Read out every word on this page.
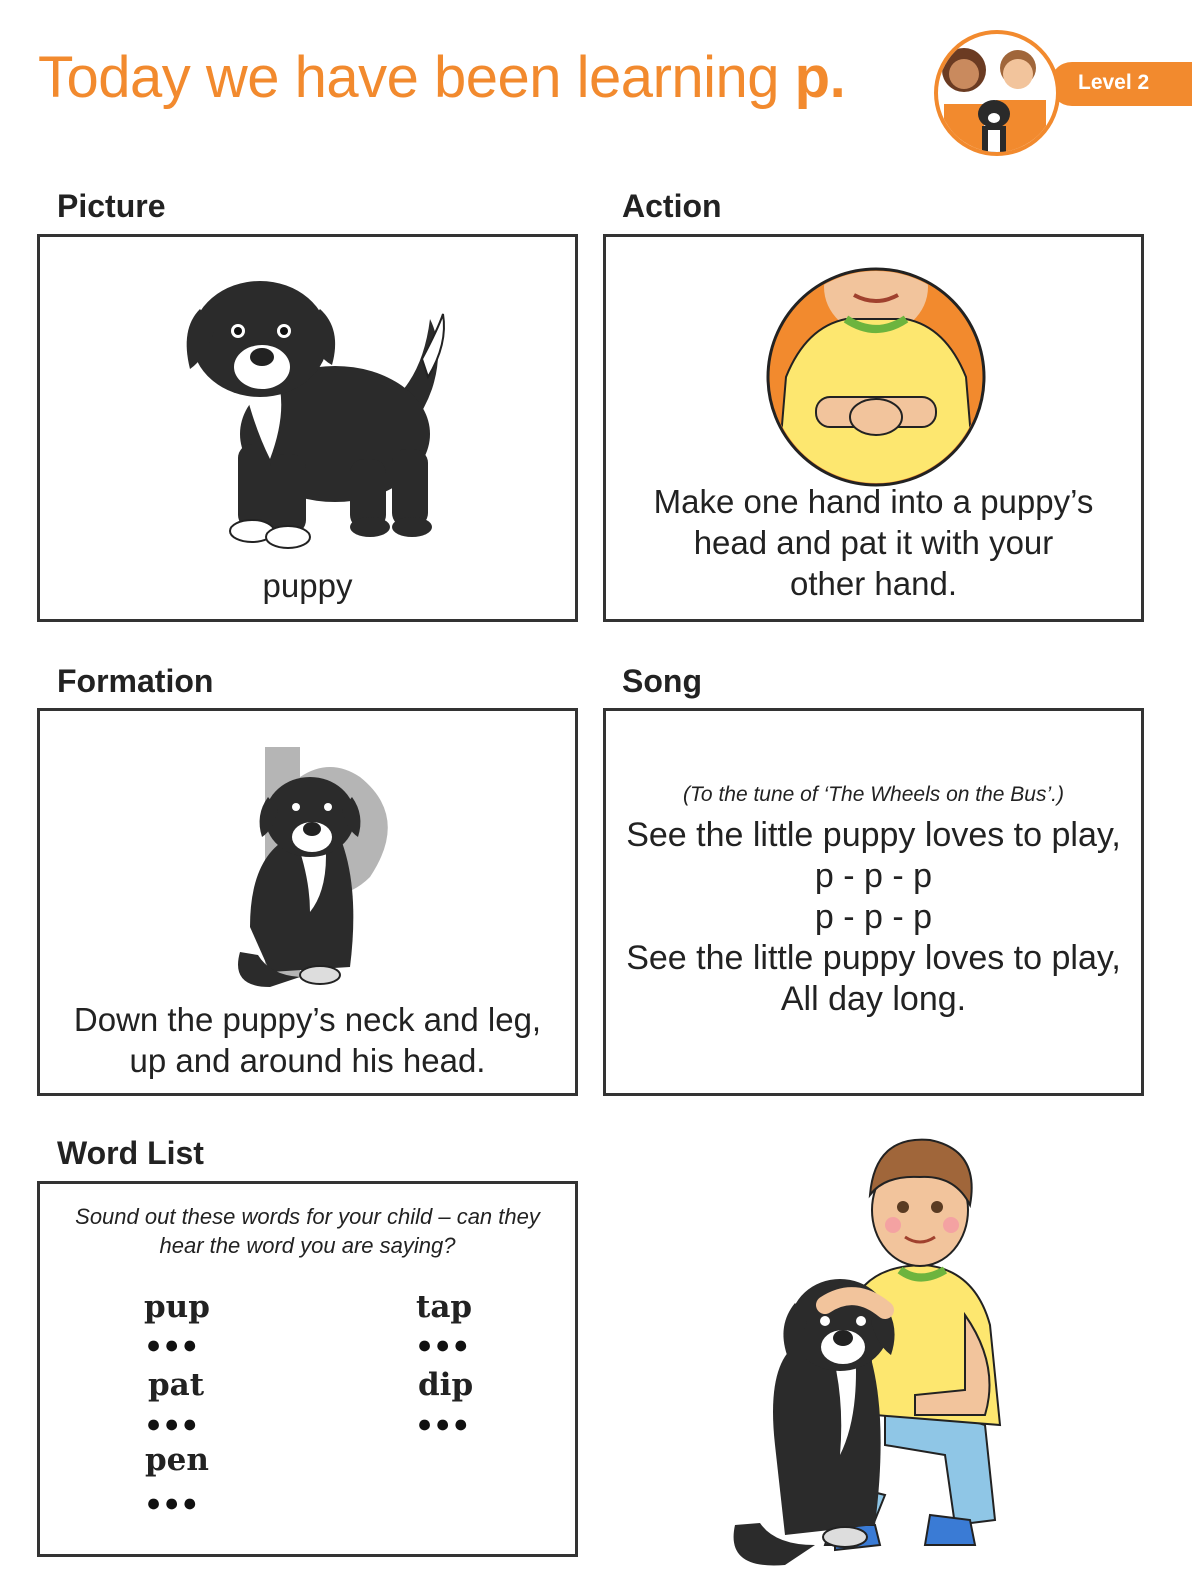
Today we have been learning p.	Level 2
Picture
puppy
Action
Make one hand into a puppy’s
head and pat it with your
other hand.
Formation
Down the puppy’s neck and leg,
up and around his head.
Song
(To the tune of ‘The Wheels on the Bus’.)
See the little puppy loves to play,
p - p - p
p - p - p
See the little puppy loves to play,
All day long.
Word List
Sound out these words for your child – can they
hear the word you are saying?
pup
●●●
pat
●●●
pen
●●●
tap
●●●
dip
●●●
